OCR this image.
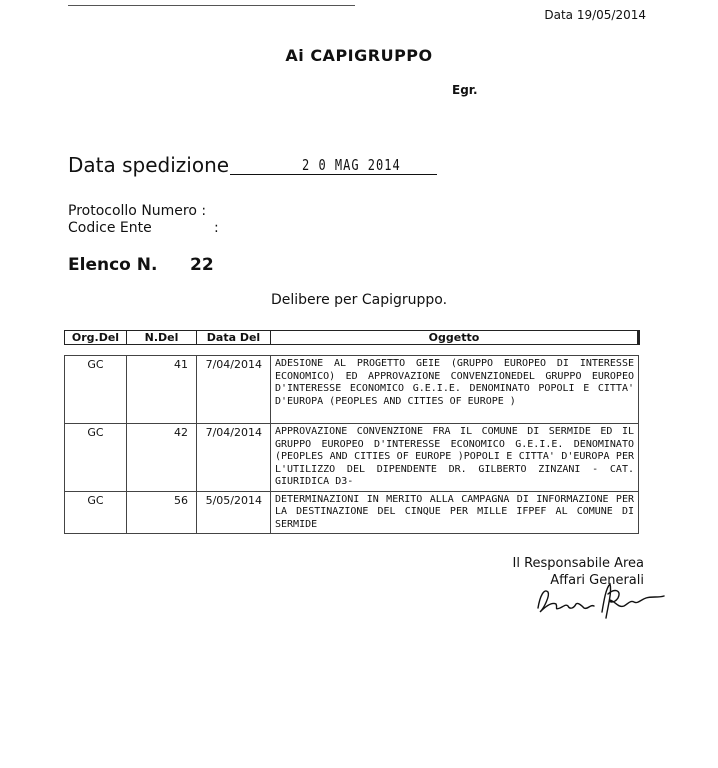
Data 19/05/2014
Ai CAPIGRUPPO
Egr.
Data spedizione	2 0 MAG 2014
Protocollo Numero :
Codice Ente	:
Elenco N. 22
Delibere per Capigruppo.
Org.Del	N.Del	Data Del	Oggetto
GC	41	7/04/2014	ADESIONE AL PROGETTO GEIE (GRUPPO EUROPEO DI INTERESSE ECONOMICO) ED APPROVAZIONE CONVENZIONEDEL GRUPPO EUROPEO D'INTERESSE ECONOMICO G.E.I.E. DENOMINATO POPOLI E CITTA' D'EUROPA (PEOPLES AND CITIES OF EUROPE )
GC	42	7/04/2014	APPROVAZIONE CONVENZIONE FRA IL COMUNE DI SERMIDE ED IL GRUPPO EUROPEO D'INTERESSE ECONOMICO G.E.I.E. DENOMINATO (PEOPLES AND CITIES OF EUROPE )POPOLI E CITTA' D'EUROPA PER L'UTILIZZO DEL DIPENDENTE DR. GILBERTO ZINZANI - CAT. GIURIDICA D3-
GC	56	5/05/2014	DETERMINAZIONI IN MERITO ALLA CAMPAGNA DI INFORMAZIONE PER LA DESTINAZIONE DEL CINQUE PER MILLE IFPEF AL COMUNE DI SERMIDE
Il Responsabile Area
Affari Generali
